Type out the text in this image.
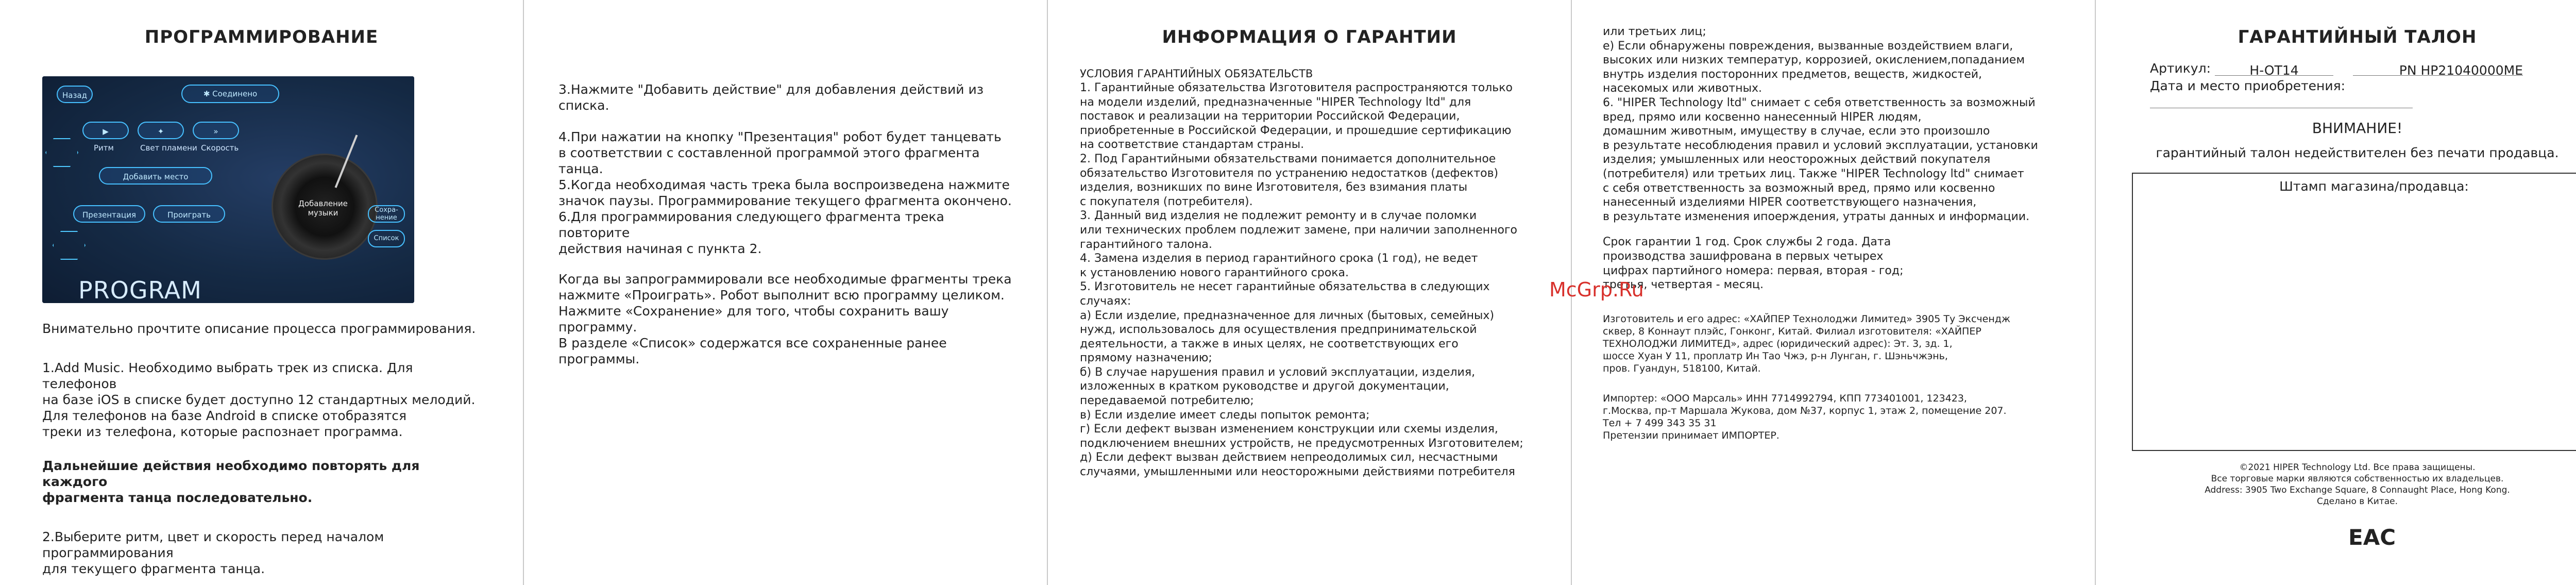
ПРОГРАММИРОВАНИЕ
Назад	✱ Соединено
▶	✦	»
Ритм	Свет пламени Скорость
Добавить место
Презентация	Проиграть
Добавление музыки	Сохра-нение
Список
PROGRAM

Внимательно прочтите описание процесса программирования.

1.Add Music. Необходимо выбрать трек из списка. Для телефонов
на базе iOS в списке будет доступно 12 стандартных мелодий.
Для телефонов на базе Android в списке отобразятся
треки из телефона, которые распознает программа.

Дальнейшие действия необходимо повторять для каждого
фрагмента танца последовательно.

2.Выберите ритм, цвет и скорость перед началом программирования
для текущего фрагмента танца.

3.Нажмите "Добавить действие" для добавления действий из списка.

4.При нажатии на кнопку "Презентация" робот будет танцевать
в соответствии с составленной программой этого фрагмента танца.

5.Когда необходимая часть трека была воспроизведена нажмите
значок паузы. Программирование текущего фрагмента окончено.

6.Для программирования следующего фрагмента трека повторите
действия начиная с пункта 2.

Когда вы запрограммировали все необходимые фрагменты трека
нажмите «Проиграть». Робот выполнит всю программу целиком.
Нажмите «Сохранение» для того, чтобы сохранить вашу программу.
В разделе «Список» содержатся все сохраненные ранее программы.

ИНФОРМАЦИЯ О ГАРАНТИИ

УСЛОВИЯ ГАРАНТИЙНЫХ ОБЯЗАТЕЛЬСТВ

1. Гарантийные обязательства Изготовителя распространяются только
на модели изделий, предназначенные "HIPER Technology ltd" для
поставок и реализации на территории Российской Федерации,
приобретенные в Российской Федерации, и прошедшие сертификацию
на соответствие стандартам страны.
2. Под Гарантийными обязательствами понимается дополнительное
обязательство Изготовителя по устранению недостатков (дефектов)
изделия, возникших по вине Изготовителя, без взимания платы
с покупателя (потребителя).
3. Данный вид изделия не подлежит ремонту и в случае поломки
или технических проблем подлежит замене, при наличии заполненного
гарантийного талона.
4. Замена изделия в период гарантийного срока (1 год), не ведет
к установлению нового гарантийного срока.
5. Изготовитель не несет гарантийные обязательства в следующих
случаях:
а) Если изделие, предназначенное для личных (бытовых, семейных)
нужд, использовалось для осуществления предпринимательской
деятельности, а также в иных целях, не соответствующих его
прямому назначению;
б) В случае нарушения правил и условий эксплуатации, изделия,
изложенных в кратком руководстве и другой документации,
передаваемой потребителю;
в) Если изделие имеет следы попыток ремонта;
г) Если дефект вызван изменением конструкции или схемы изделия,
подключением внешних устройств, не предусмотренных Изготовителем;
д) Если дефект вызван действием непреодолимых сил, несчастными
случаями, умышленными или неосторожными действиями потребителя

или третьих лиц;
е) Если обнаружены повреждения, вызванные воздействием влаги,
высоких или низких температур, коррозией, окислением,попаданием
внутрь изделия посторонних предметов, веществ, жидкостей,
насекомых или животных.
6. "HIPER Technology ltd" снимает с себя ответственность за возможный
вред, прямо или косвенно нанесенный HIPER людям,
домашним животным, имуществу в случае, если это произошло
в результате несоблюдения правил и условий эксплуатации, установки
изделия; умышленных или неосторожных действий покупателя
(потребителя) или третьих лиц. Также "HIPER Technology ltd" снимает
с себя ответственность за возможный вред, прямо или косвенно
нанесенный изделиями HIPER соответствующего назначения,
в результате изменения ипоерждения, утраты данных и информации.

Срок гарантии 1 год. Срок службы 2 года. Дата
производства зашифрована в первых четырех
цифрах партийного номера: первая, вторая - год;
третья, четвертая - месяц.

Изготовитель и его адрес: «ХАЙПЕР Технолоджи Лимитед» 3905 Ту Эксчендж
сквер, 8 Коннаут плэйс, Гонконг, Китай. Филиал изготовителя: «ХАЙПЕР
ТЕХНОЛОДЖИ ЛИМИТЕД», адрес (юридический адрес): Эт. 3, зд. 1,
шоссе Хуан У 11, проплатр Ин Тао Чжэ, р-н Лунган, г. Шэньчжэнь,
пров. Гуандун, 518100, Китай.

Импортер: «ООО Марсаль» ИНН 7714992794, КПП 773401001, 123423,
г.Москва, пр-т Маршала Жукова, дом №37, корпус 1, этаж 2, помещение 207.
Тел + 7 499 343 35 31
Претензии принимает ИМПОРТЕР.

McGrp.Ru
ГАРАНТИЙНЫЙ ТАЛОН
Артикул:	H-OT14	PN HP21040000ME
Дата и место приобретения:
ВНИМАНИЕ!
гарантийный талон недействителен без печати продавца.
Штамп магазина/продавца:
©2021 HIPER Technology Ltd. Все права защищены.
Все торговые марки являются собственностью их владельцев.
Address: 3905 Two Exchange Square, 8 Connaught Place, Hong Kong.
Сделано в Китае.
EAC
